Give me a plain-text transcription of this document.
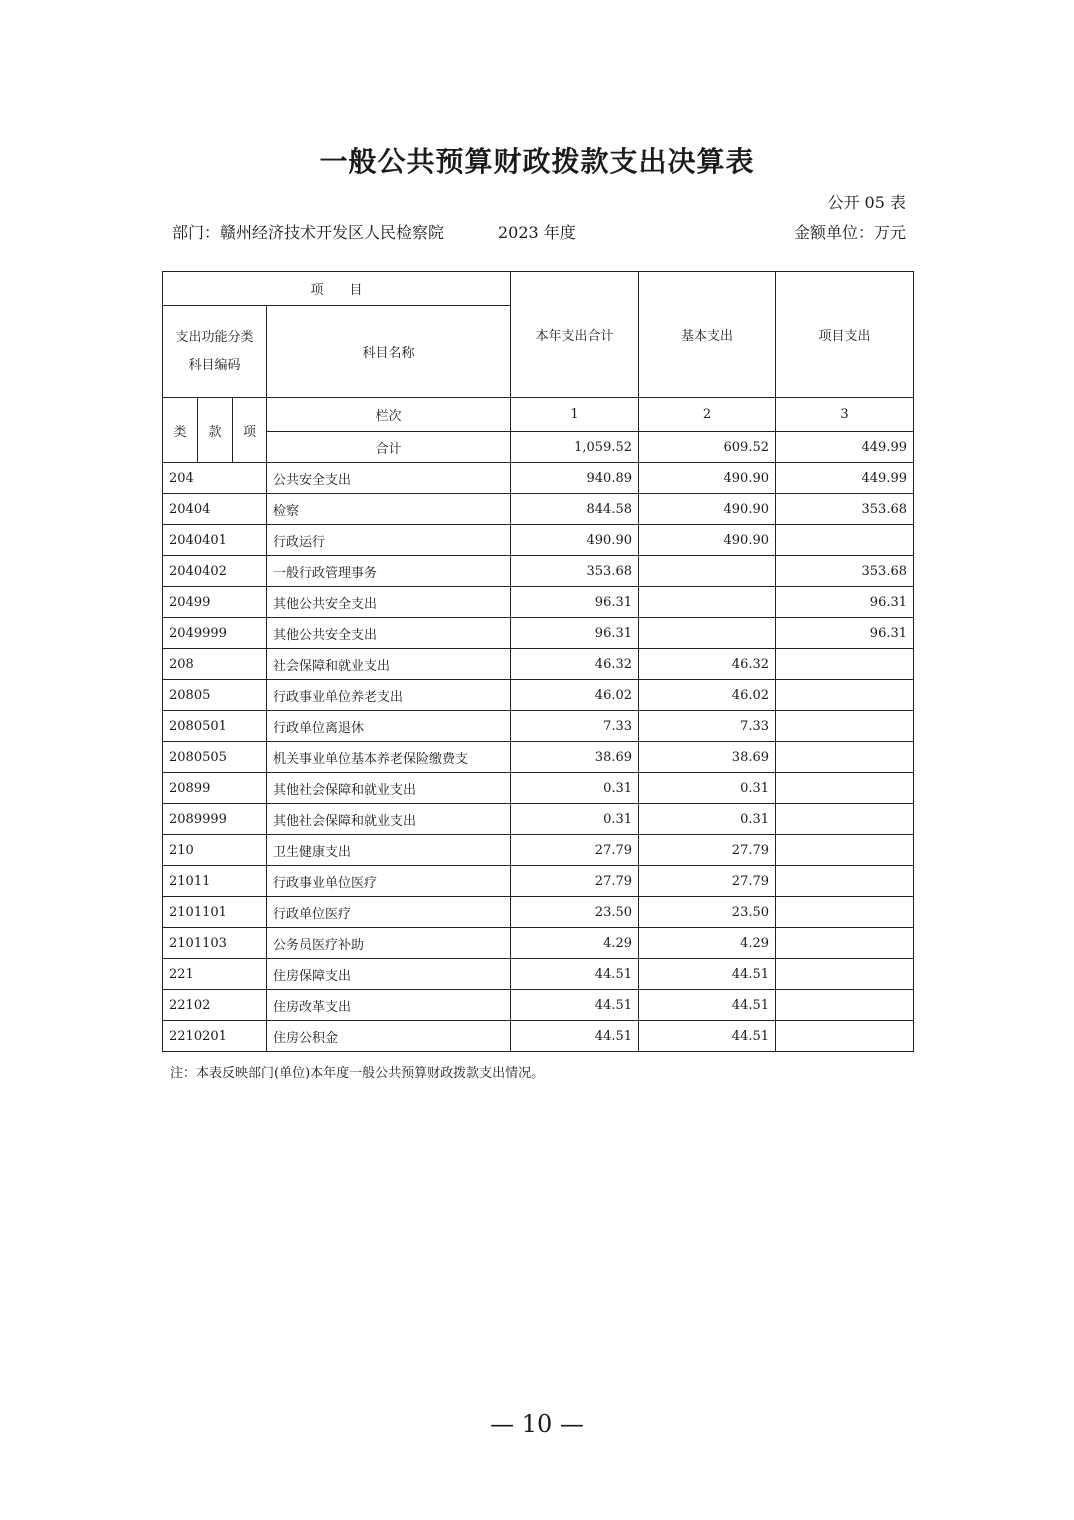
一般公共预算财政拨款支出决算表
公开 05 表
部门：赣州经济技术开发区人民检察院	2023 年度	金额单位：万元
项　　目				本年支出合计	基本支出	项目支出
支出功能分类科目编码			科目名称			
类	款	项	栏次	1	2	3
			合计	1,059.52	609.52	449.99
204			公共安全支出	940.89	490.90	449.99
20404			检察	844.58	490.90	353.68
2040401			行政运行	490.90	490.90	
2040402			一般行政管理事务	353.68		353.68
20499			其他公共安全支出	96.31		96.31
2049999			其他公共安全支出	96.31		96.31
208			社会保障和就业支出	46.32	46.32	
20805			行政事业单位养老支出	46.02	46.02	
2080501			行政单位离退休	7.33	7.33	
2080505			机关事业单位基本养老保险缴费支	38.69	38.69	
20899			其他社会保障和就业支出	0.31	0.31	
2089999			其他社会保障和就业支出	0.31	0.31	
210			卫生健康支出	27.79	27.79	
21011			行政事业单位医疗	27.79	27.79	
2101101			行政单位医疗	23.50	23.50	
2101103			公务员医疗补助	4.29	4.29	
221			住房保障支出	44.51	44.51	
22102			住房改革支出	44.51	44.51	
2210201			住房公积金	44.51	44.51	
注：本表反映部门(单位)本年度一般公共预算财政拨款支出情况。
— 10 —
